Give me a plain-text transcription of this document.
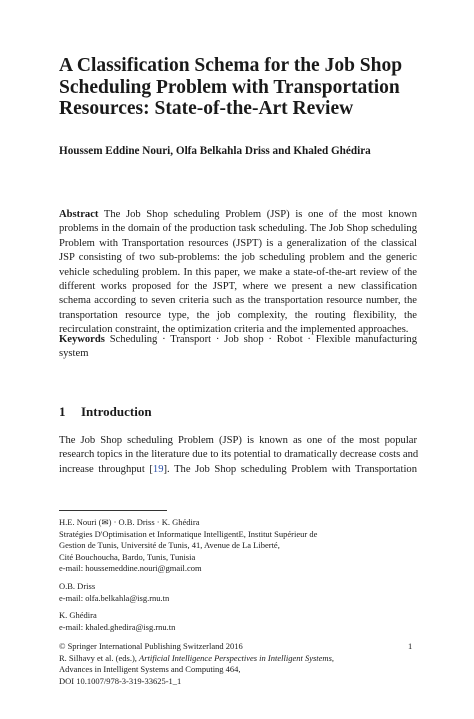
A Classification Schema for the Job Shop
Scheduling Problem with Transportation
Resources: State-of-the-Art Review
Houssem Eddine Nouri, Olfa Belkahla Driss and Khaled Ghédira
Abstract The Job Shop scheduling Problem (JSP) is one of the most known problems in the domain of the production task scheduling. The Job Shop scheduling Problem with Transportation resources (JSPT) is a generalization of the classical JSP consisting of two sub-problems: the job scheduling problem and the generic vehicle scheduling problem. In this paper, we make a state-of-the-art review of the different works proposed for the JSPT, where we present a new classification schema according to seven criteria such as the transportation resource number, the transportation resource type, the job complexity, the routing flexibility, the recirculation constraint, the optimization criteria and the implemented approaches.
Keywords Scheduling · Transport · Job shop · Robot · Flexible manufacturing system
1 Introduction
The Job Shop scheduling Problem (JSP) is known as one of the most popular
research topics in the literature due to its potential to dramatically decrease costs and
increase throughput [19]. The Job Shop scheduling Problem with Transportation
H.E. Nouri (✉) · O.B. Driss · K. Ghédira
Stratégies D'Optimisation et Informatique IntelligentE, Institut Supérieur de
Gestion de Tunis, Université de Tunis, 41, Avenue de La Liberté,
Cité Bouchoucha, Bardo, Tunis, Tunisia
e-mail: houssemeddine.nouri@gmail.com
O.B. Driss
e-mail: olfa.belkahla@isg.rnu.tn
K. Ghédira
e-mail: khaled.ghedira@isg.rnu.tn
© Springer International Publishing Switzerland 2016
R. Silhavy et al. (eds.), Artificial Intelligence Perspectives in Intelligent Systems,
Advances in Intelligent Systems and Computing 464,
DOI 10.1007/978-3-319-33625-1_1
1
